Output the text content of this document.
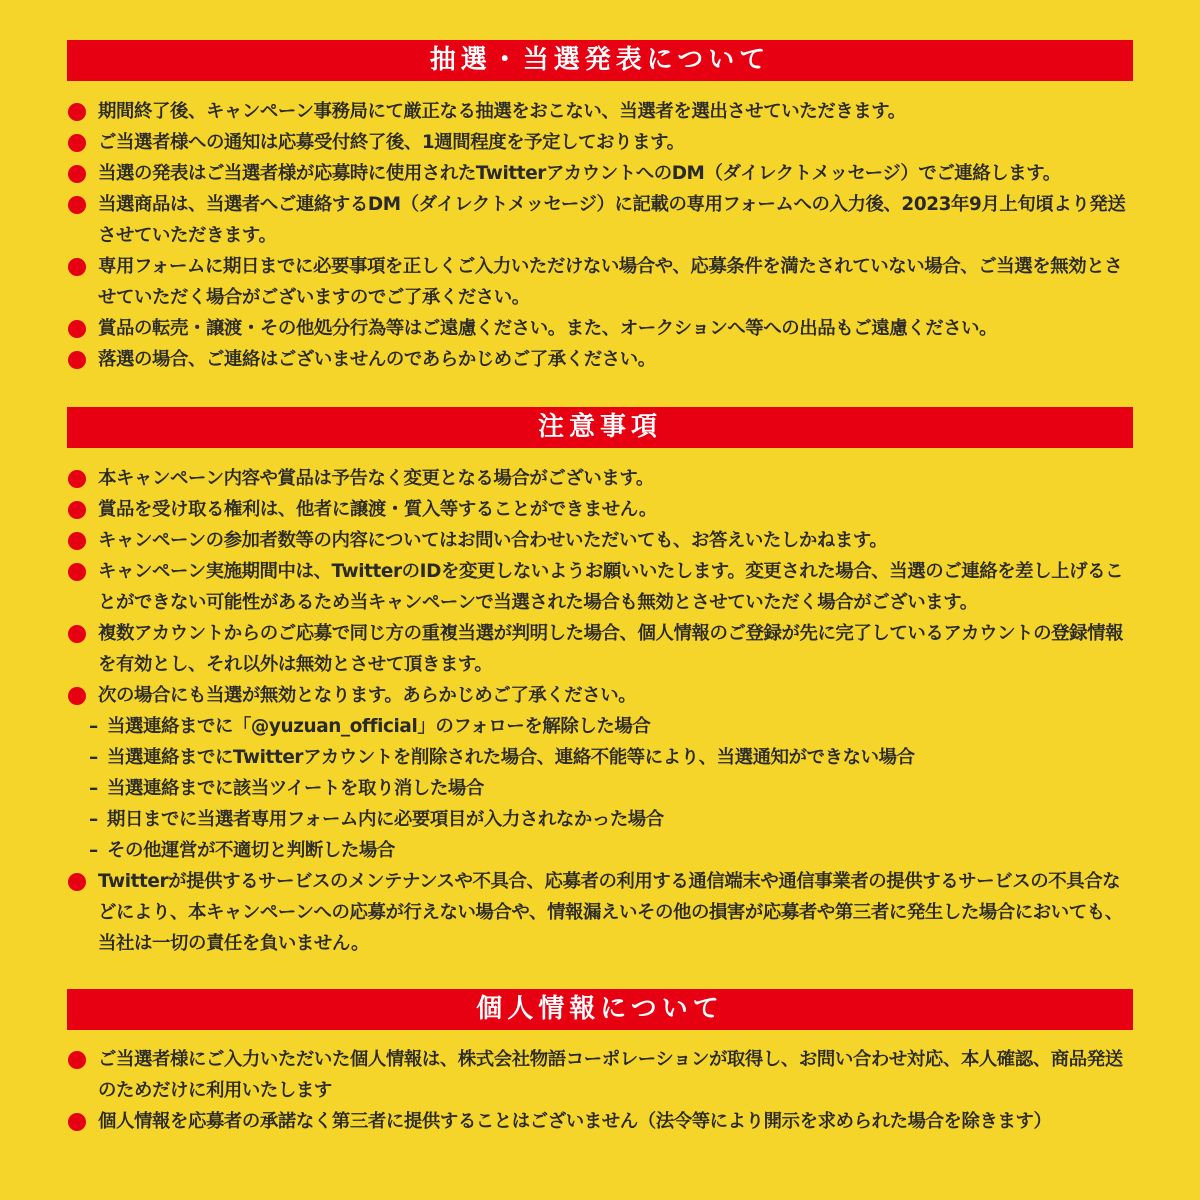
抽選・当選発表について
期間終了後、キャンペーン事務局にて厳正なる抽選をおこない、当選者を選出させていただきます。
ご当選者様への通知は応募受付終了後、1週間程度を予定しております。
当選の発表はご当選者様が応募時に使用されたTwitterアカウントへのDM（ダイレクトメッセージ）でご連絡します。
当選商品は、当選者へご連絡するDM（ダイレクトメッセージ）に記載の専用フォームへの入力後、2023年9月上旬頃より発送させていただきます。
専用フォームに期日までに必要事項を正しくご入力いただけない場合や、応募条件を満たされていない場合、ご当選を無効とさせていただく場合がございますのでご了承ください。
賞品の転売・譲渡・その他処分行為等はご遠慮ください。また、オークションへ等への出品もご遠慮ください。
落選の場合、ご連絡はございませんのであらかじめご了承ください。
注意事項
本キャンペーン内容や賞品は予告なく変更となる場合がございます。
賞品を受け取る権利は、他者に譲渡・質入等することができません。
キャンペーンの参加者数等の内容についてはお問い合わせいただいても、お答えいたしかねます。
キャンペーン実施期間中は、TwitterのIDを変更しないようお願いいたします。変更された場合、当選のご連絡を差し上げることができない可能性があるため当キャンペーンで当選された場合も無効とさせていただく場合がございます。
複数アカウントからのご応募で同じ方の重複当選が判明した場合、個人情報のご登録が先に完了しているアカウントの登録情報を有効とし、それ以外は無効とさせて頂きます。
次の場合にも当選が無効となります。あらかじめご了承ください。
– 当選連絡までに「@yuzuan_official」のフォローを解除した場合
– 当選連絡までにTwitterアカウントを削除された場合、連絡不能等により、当選通知ができない場合
– 当選連絡までに該当ツイートを取り消した場合
– 期日までに当選者専用フォーム内に必要項目が入力されなかった場合
– その他運営が不適切と判断した場合
Twitterが提供するサービスのメンテナンスや不具合、応募者の利用する通信端末や通信事業者の提供するサービスの不具合などにより、本キャンペーンへの応募が行えない場合や、情報漏えいその他の損害が応募者や第三者に発生した場合においても、当社は一切の責任を負いません。
個人情報について
ご当選者様にご入力いただいた個人情報は、株式会社物語コーポレーションが取得し、お問い合わせ対応、本人確認、商品発送のためだけに利用いたします
個人情報を応募者の承諾なく第三者に提供することはございません（法令等により開示を求められた場合を除きます）
